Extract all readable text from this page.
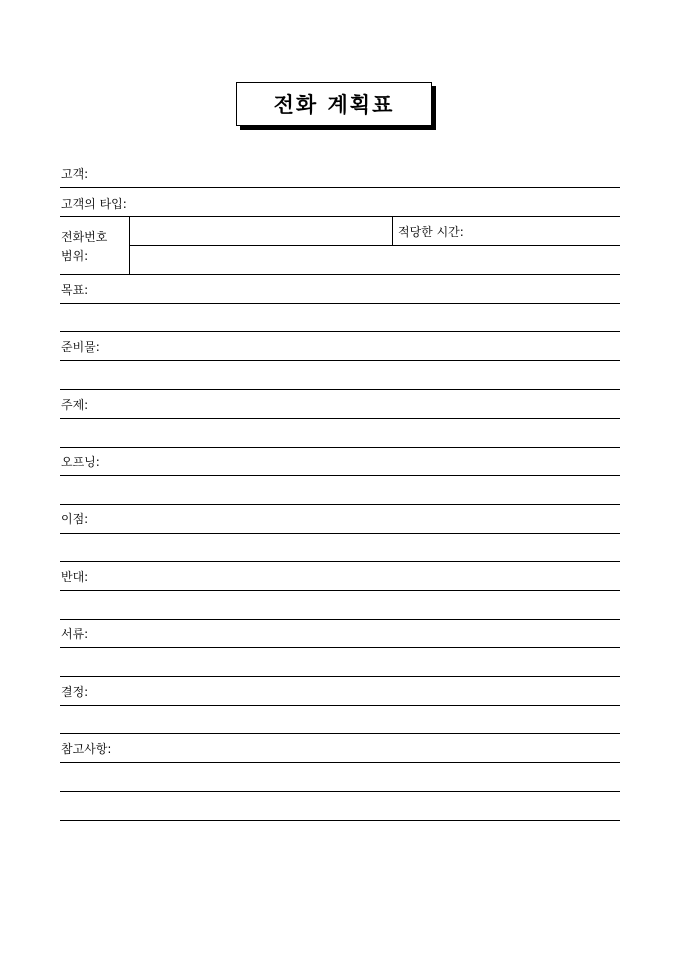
전화 계획표
고객:
고객의 타입:
전화번호
범위:
적당한 시간:
목표:
준비물:
주제:
오프닝:
이점:
반대:
서류:
결정:
참고사항:
